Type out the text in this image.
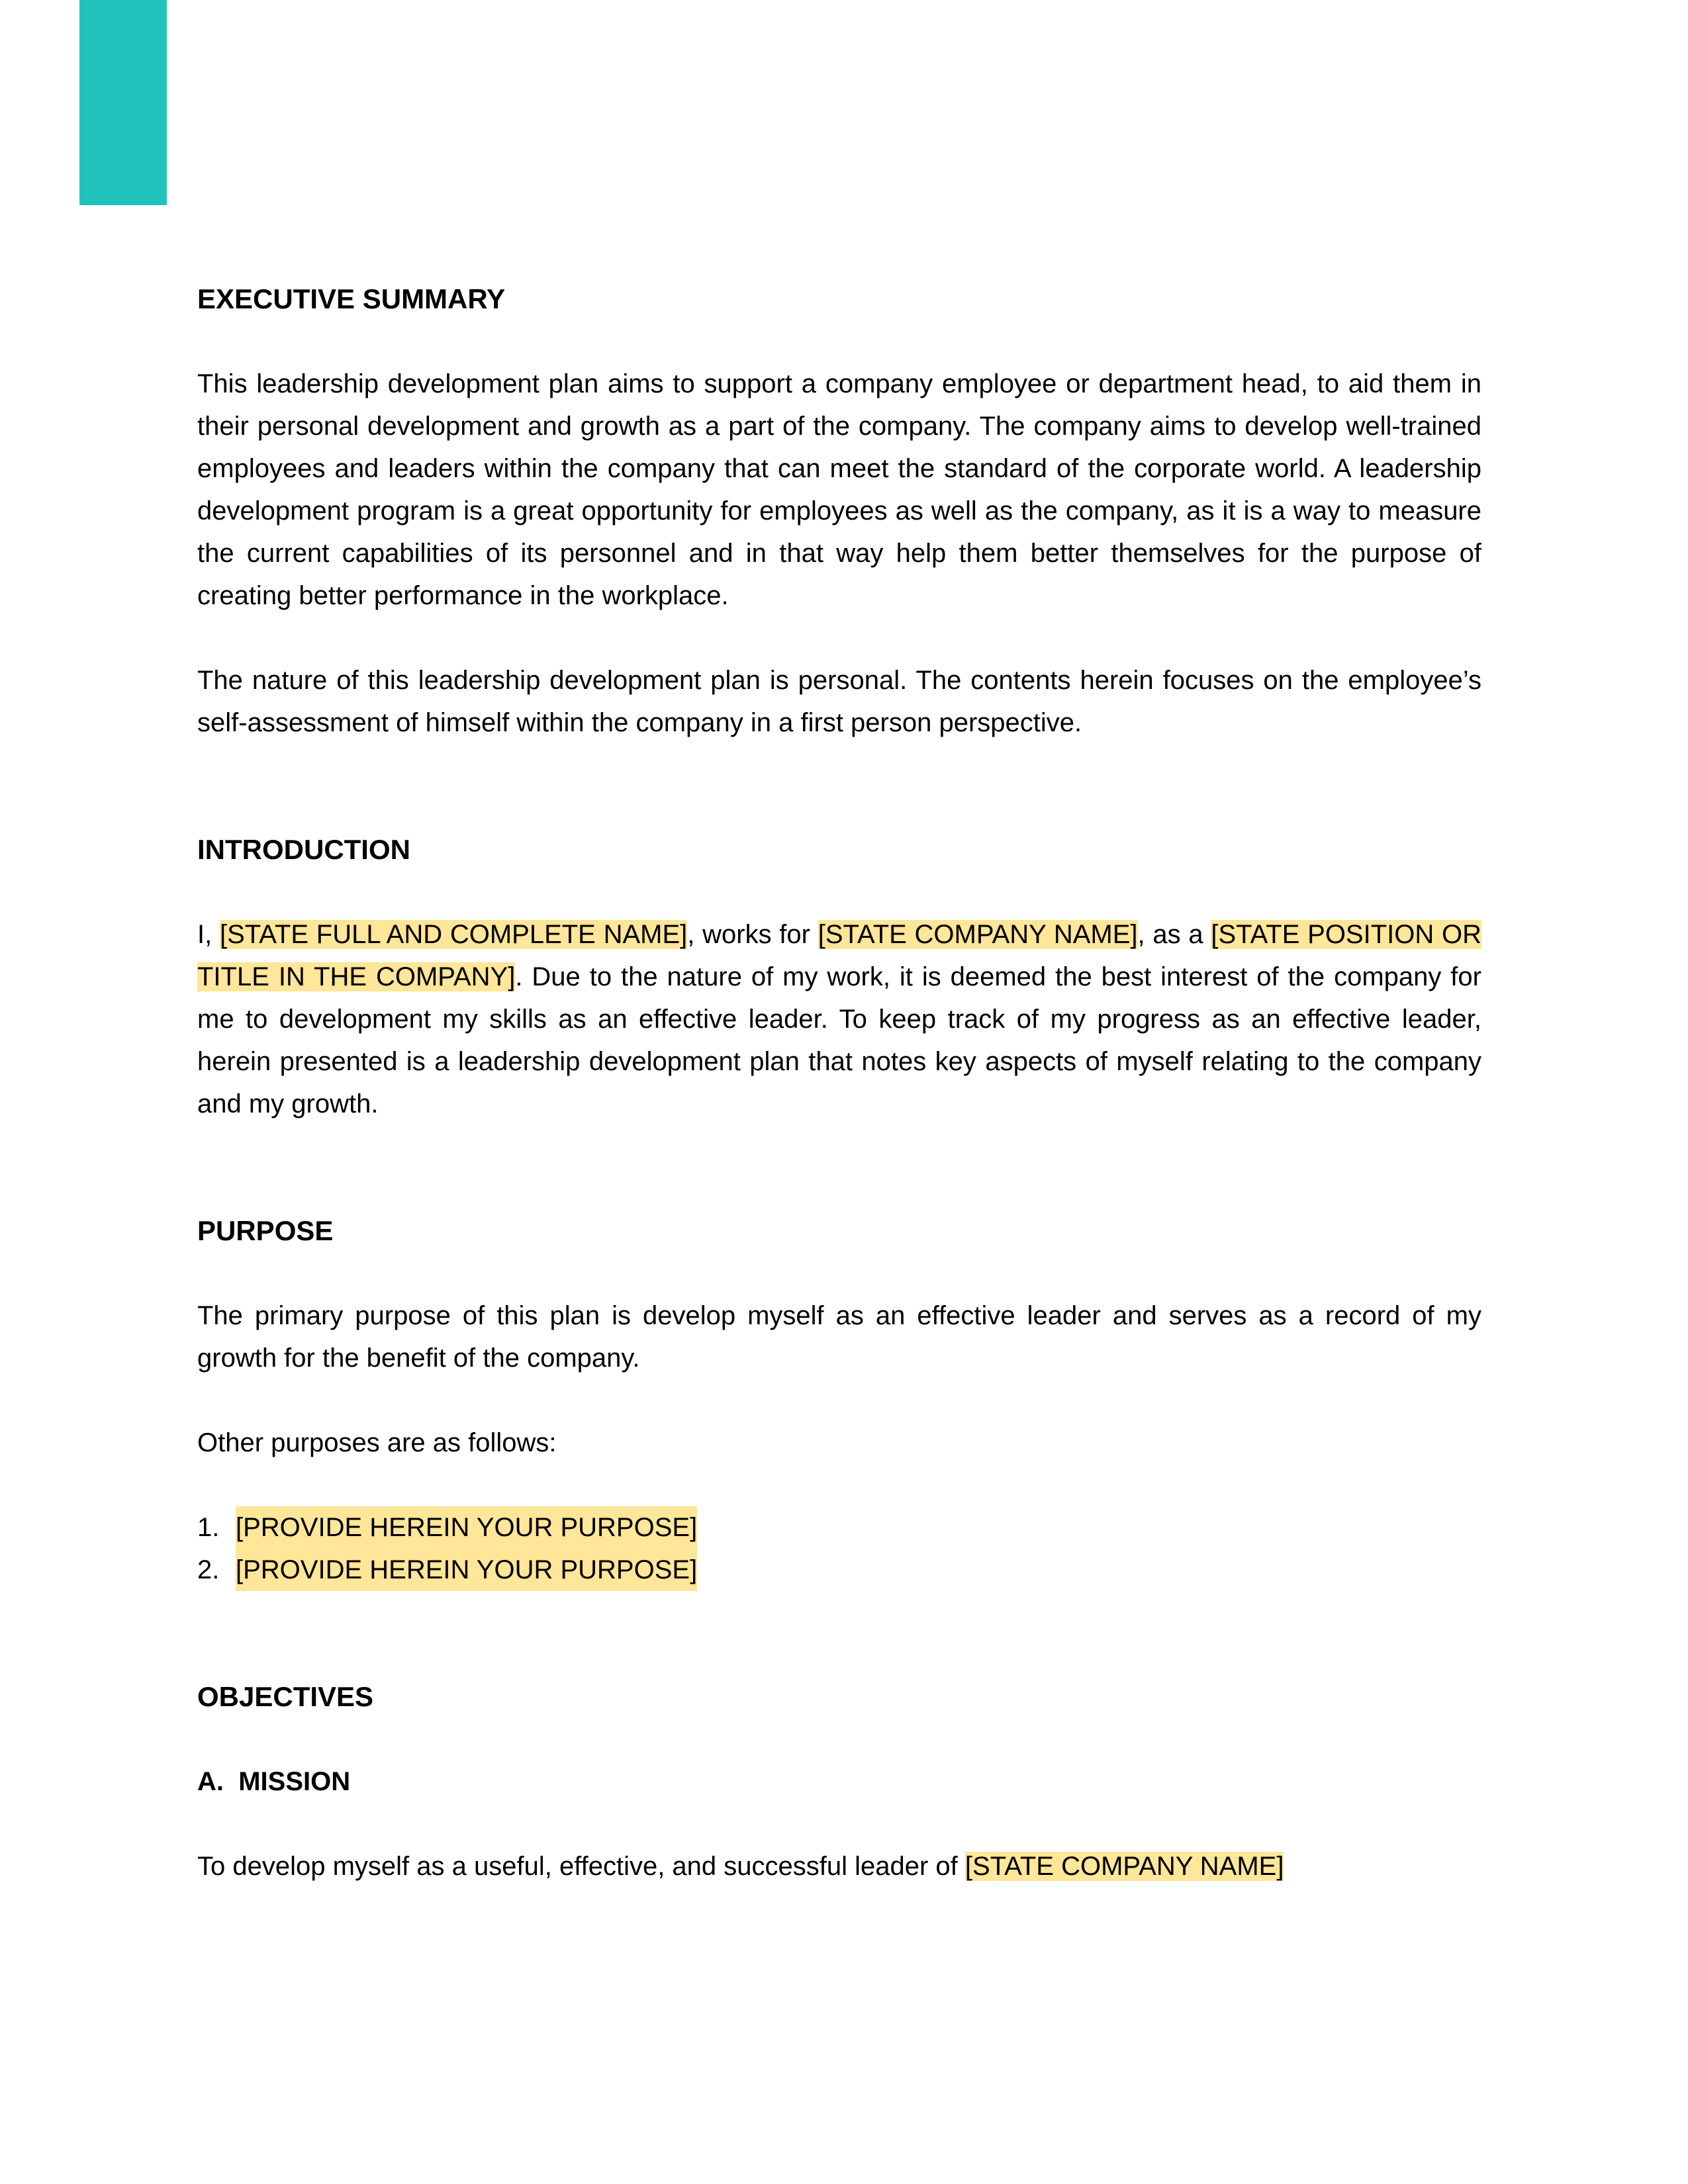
EXECUTIVE SUMMARY

This leadership development plan aims to support a company employee or department head, to aid them in their personal development and growth as a part of the company. The company aims to develop well-trained employees and leaders within the company that can meet the standard of the corporate world. A leadership development program is a great opportunity for employees as well as the company, as it is a way to measure the current capabilities of its personnel and in that way help them better themselves for the purpose of creating better performance in the workplace.

The nature of this leadership development plan is personal. The contents herein focuses on the employee’s self-assessment of himself within the company in a first person perspective.

INTRODUCTION

I, [STATE FULL AND COMPLETE NAME], works for [STATE COMPANY NAME], as a [STATE POSITION OR TITLE IN THE COMPANY]. Due to the nature of my work, it is deemed the best interest of the company for me to development my skills as an effective leader. To keep track of my progress as an effective leader, herein presented is a leadership development plan that notes key aspects of myself relating to the company and my growth.

PURPOSE

The primary purpose of this plan is develop myself as an effective leader and serves as a record of my growth for the benefit of the company.

Other purposes are as follows:

1. [PROVIDE HEREIN YOUR PURPOSE]
2. [PROVIDE HEREIN YOUR PURPOSE]
OBJECTIVES
A.  MISSION

To develop myself as a useful, effective, and successful leader of [STATE COMPANY NAME]
